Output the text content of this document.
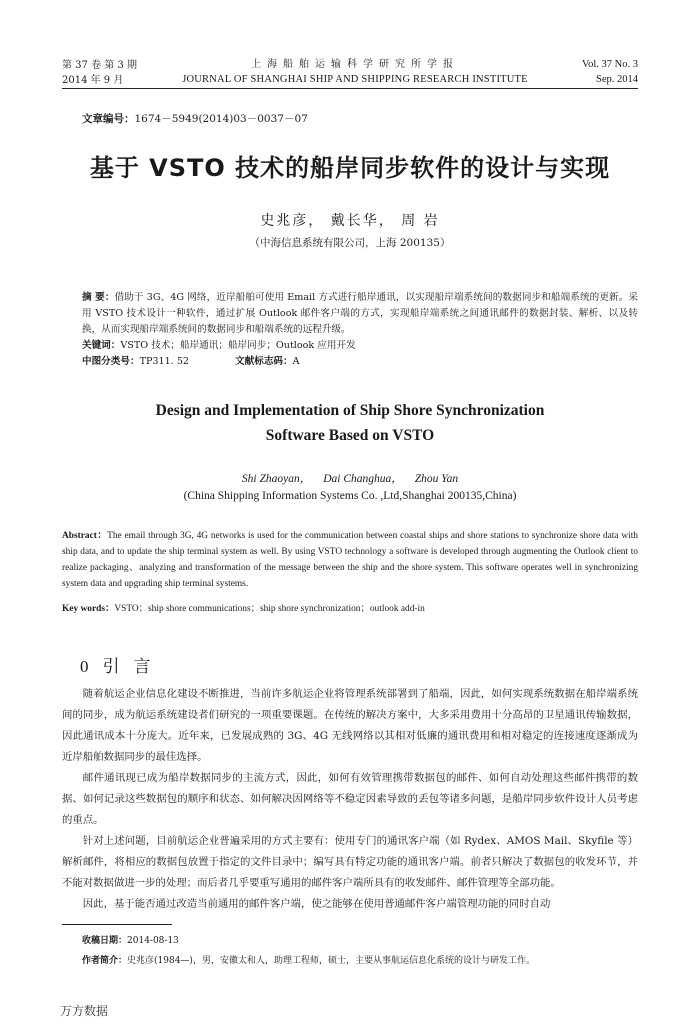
第 37 卷 第 3 期
2014 年 9 月
上海船舶运输科学研究所学报
JOURNAL OF SHANGHAI SHIP AND SHIPPING RESEARCH INSTITUTE
Vol. 37 No. 3
Sep. 2014
文章编号：1674－5949(2014)03－0037－07
基于 VSTO 技术的船岸同步软件的设计与实现
史兆彦， 戴长华， 周 岩
（中海信息系统有限公司，上海 200135）
摘 要：借助于 3G、4G 网络，近岸船舶可使用 Email 方式进行船岸通讯，以实现船岸端系统间的数据同步和船端系统的更新。采用 VSTO 技术设计一种软件，通过扩展 Outlook 邮件客户端的方式，实现船岸端系统之间通讯邮件的数据封装、解析、以及转换，从而实现船岸端系统间的数据同步和船端系统的远程升级。
关键词：VSTO 技术；船岸通讯；船岸同步；Outlook 应用开发
中图分类号：TP311. 52	文献标志码：A
Design and Implementation of Ship Shore Synchronization
Software Based on VSTO
Shi Zhaoyan， Dai Changhua， Zhou Yan
(China Shipping Information Systems Co. ,Ltd,Shanghai 200135,China)
Abstract：The email through 3G, 4G networks is used for the communication between coastal ships and shore stations to synchronize shore data with ship data, and to update the ship terminal system as well. By using VSTO technology a software is developed through augmenting the Outlook client to realize packaging、analyzing and transformation of the message between the ship and the shore system. This software operates well in synchronizing system data and upgrading ship terminal systems.
Key words：VSTO；ship shore communications；ship shore synchronization；outlook add-in
0 引言

随着航运企业信息化建设不断推进，当前许多航运企业将管理系统部署到了船端，因此，如何实现系统数据在船岸端系统间的同步，成为航运系统建设者们研究的一项重要课题。在传统的解决方案中，大多采用费用十分高昂的卫星通讯传输数据，因此通讯成本十分庞大。近年来，已发展成熟的 3G、4G 无线网络以其相对低廉的通讯费用和相对稳定的连接速度逐渐成为近岸船舶数据同步的最佳选择。

邮件通讯现已成为船岸数据同步的主流方式，因此，如何有效管理携带数据包的邮件、如何自动处理这些邮件携带的数据、如何记录这些数据包的顺序和状态、如何解决因网络等不稳定因素导致的丢包等诸多问题，是船岸同步软件设计人员考虑的重点。

针对上述问题，目前航运企业普遍采用的方式主要有：使用专门的通讯客户端（如 Rydex、AMOS Mail、Skyfile 等）解析邮件，将相应的数据包放置于指定的文件目录中；编写具有特定功能的通讯客户端。前者只解决了数据包的收发环节，并不能对数据做进一步的处理；而后者几乎要重写通用的邮件客户端所具有的收发邮件、邮件管理等全部功能。

因此，基于能否通过改造当前通用的邮件客户端，使之能够在使用普通邮件客户端管理功能的同时自动

收稿日期：2014-08-13
作者简介：史兆彦(1984—)，男，安徽太和人，助理工程师，硕士，主要从事航运信息化系统的设计与研发工作。
万方数据
